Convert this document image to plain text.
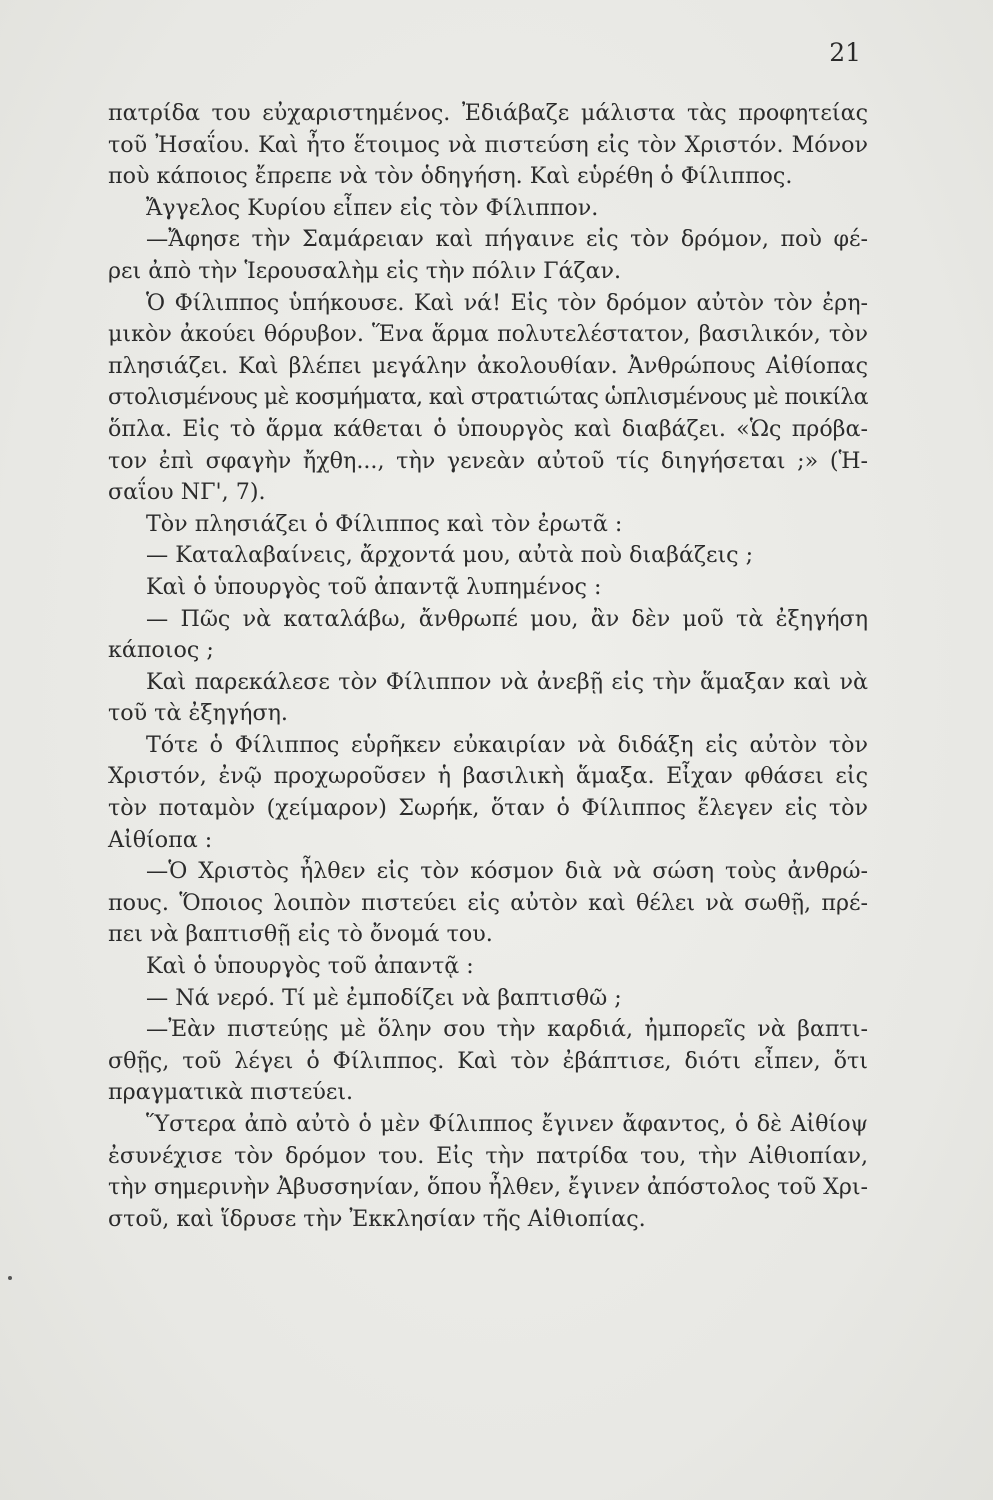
21
πατρίδα του εὐχαριστημένος. Ἐδιάβαζε μάλιστα τὰς προφητείας
τοῦ Ἠσαΐου. Καὶ ἦτο ἕτοιμος νὰ πιστεύση εἰς τὸν Χριστόν. Μόνον
ποὺ κάποιος ἔπρεπε νὰ τὸν ὁδηγήση. Καὶ εὑρέθη ὁ Φίλιππος.
Ἄγγελος Κυρίου εἶπεν εἰς τὸν Φίλιππον.
—Ἄφησε τὴν Σαμάρειαν καὶ πήγαινε εἰς τὸν δρόμον, ποὺ φέ-
ρει ἀπὸ τὴν Ἱερουσαλὴμ εἰς τὴν πόλιν Γάζαν.
Ὁ Φίλιππος ὑπήκουσε. Καὶ νά! Εἰς τὸν δρόμον αὐτὸν τὸν ἐρη-
μικὸν ἀκούει θόρυβον. Ἕνα ἅρμα πολυτελέστατον, βασιλικόν, τὸν
πλησιάζει. Καὶ βλέπει μεγάλην ἀκολουθίαν. Ἀνθρώπους Αἰθίοπας
στολισμένους μὲ κοσμήματα, καὶ στρατιώτας ὡπλισμένους μὲ ποικίλα
ὅπλα. Εἰς τὸ ἅρμα κάθεται ὁ ὑπουργὸς καὶ διαβάζει. «Ὡς πρόβα-
τον ἐπὶ σφαγὴν ἤχθη..., τὴν γενεὰν αὐτοῦ τίς διηγήσεται ;» (Ἡ-
σαΐου ΝΓ', 7).
Τὸν πλησιάζει ὁ Φίλιππος καὶ τὸν ἐρωτᾶ :
— Καταλαβαίνεις, ἄρχοντά μου, αὐτὰ ποὺ διαβάζεις ;
Καὶ ὁ ὑπουργὸς τοῦ ἀπαντᾷ λυπημένος :
— Πῶς νὰ καταλάβω, ἄνθρωπέ μου, ἂν δὲν μοῦ τὰ ἐξηγήση
κάποιος ;
Καὶ παρεκάλεσε τὸν Φίλιππον νὰ ἀνεβῇ εἰς τὴν ἅμαξαν καὶ νὰ
τοῦ τὰ ἐξηγήση.
Τότε ὁ Φίλιππος εὑρῆκεν εὐκαιρίαν νὰ διδάξη εἰς αὐτὸν τὸν
Χριστόν, ἐνῷ προχωροῦσεν ἡ βασιλικὴ ἅμαξα. Εἶχαν φθάσει εἰς
τὸν ποταμὸν (χείμαρον) Σωρήκ, ὅταν ὁ Φίλιππος ἔλεγεν εἰς τὸν
Αἰθίοπα :
—Ὁ Χριστὸς ἦλθεν εἰς τὸν κόσμον διὰ νὰ σώση τοὺς ἀνθρώ-
πους. Ὅποιος λοιπὸν πιστεύει εἰς αὐτὸν καὶ θέλει νὰ σωθῇ, πρέ-
πει νὰ βαπτισθῇ εἰς τὸ ὄνομά του.
Καὶ ὁ ὑπουργὸς τοῦ ἀπαντᾷ :
— Νά νερό. Τί μὲ ἐμποδίζει νὰ βαπτισθῶ ;
—Ἐὰν πιστεύῃς μὲ ὅλην σου τὴν καρδιά, ἠμπορεῖς νὰ βαπτι-
σθῇς, τοῦ λέγει ὁ Φίλιππος. Καὶ τὸν ἐβάπτισε, διότι εἶπεν, ὅτι
πραγματικὰ πιστεύει.
Ὕστερα ἀπὸ αὐτὸ ὁ μὲν Φίλιππος ἔγινεν ἄφαντος, ὁ δὲ Αἰθίοψ
ἐσυνέχισε τὸν δρόμον του. Εἰς τὴν πατρίδα του, τὴν Αἰθιοπίαν,
τὴν σημερινὴν Ἀβυσσηνίαν, ὅπου ἦλθεν, ἔγινεν ἀπόστολος τοῦ Χρι-
στοῦ, καὶ ἵδρυσε τὴν Ἐκκλησίαν τῆς Αἰθιοπίας.
